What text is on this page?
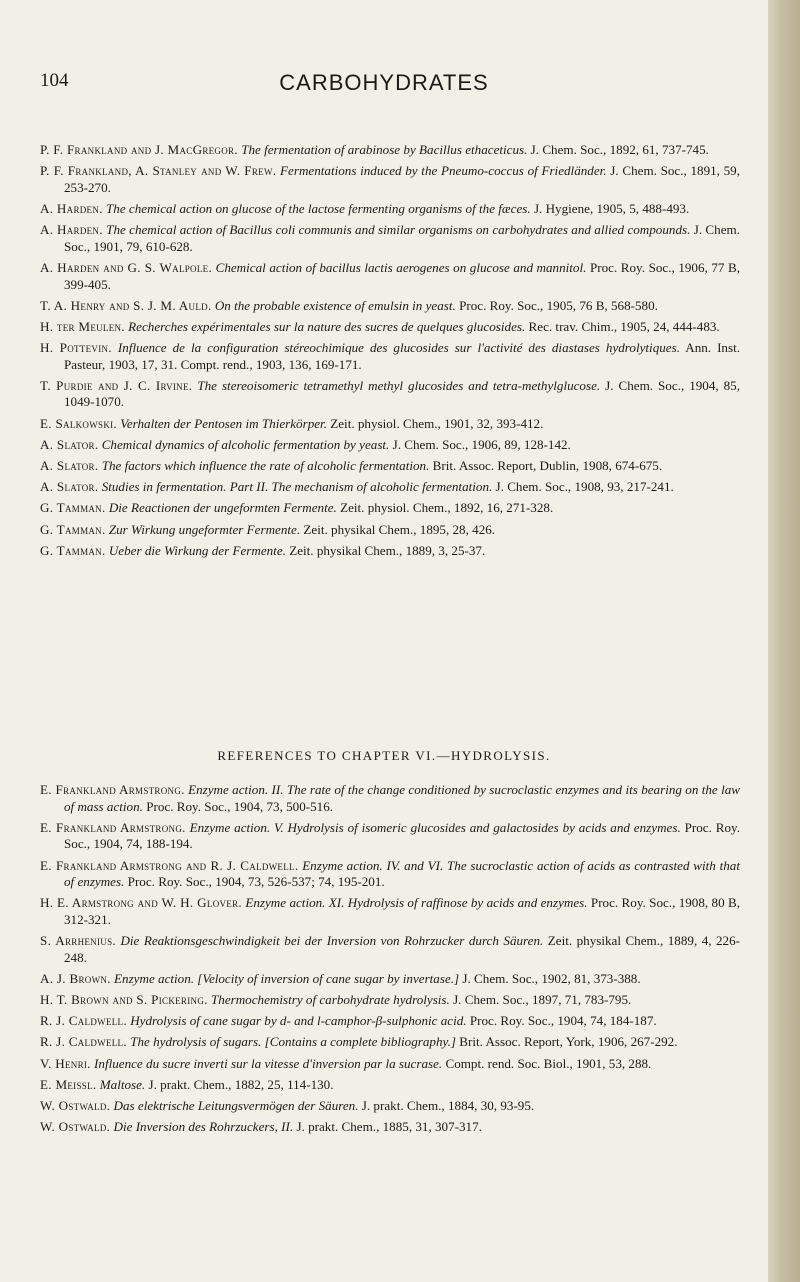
104	CARBOHYDRATES

P. F. Frankland and J. MacGregor. The fermentation of arabinose by Bacillus ethaceticus. J. Chem. Soc., 1892, 61, 737-745.

P. F. Frankland, A. Stanley and W. Frew. Fermentations induced by the Pneumo-coccus of Friedländer. J. Chem. Soc., 1891, 59, 253-270.

A. Harden. The chemical action on glucose of the lactose fermenting organisms of the fæces. J. Hygiene, 1905, 5, 488-493.

A. Harden. The chemical action of Bacillus coli communis and similar organisms on carbohydrates and allied compounds. J. Chem. Soc., 1901, 79, 610-628.

A. Harden and G. S. Walpole. Chemical action of bacillus lactis aerogenes on glucose and mannitol. Proc. Roy. Soc., 1906, 77 B, 399-405.

T. A. Henry and S. J. M. Auld. On the probable existence of emulsin in yeast. Proc. Roy. Soc., 1905, 76 B, 568-580.

H. ter Meulen. Recherches expérimentales sur la nature des sucres de quelques glucosides. Rec. trav. Chim., 1905, 24, 444-483.

H. Pottevin. Influence de la configuration stéreochimique des glucosides sur l'activité des diastases hydrolytiques. Ann. Inst. Pasteur, 1903, 17, 31. Compt. rend., 1903, 136, 169-171.

T. Purdie and J. C. Irvine. The stereoisomeric tetramethyl methyl glucosides and tetra-methylglucose. J. Chem. Soc., 1904, 85, 1049-1070.

E. Salkowski. Verhalten der Pentosen im Thierkörper. Zeit. physiol. Chem., 1901, 32, 393-412.

A. Slator. Chemical dynamics of alcoholic fermentation by yeast. J. Chem. Soc., 1906, 89, 128-142.

A. Slator. The factors which influence the rate of alcoholic fermentation. Brit. Assoc. Report, Dublin, 1908, 674-675.

A. Slator. Studies in fermentation. Part II. The mechanism of alcoholic fermentation. J. Chem. Soc., 1908, 93, 217-241.

G. Tamman. Die Reactionen der ungeformten Fermente. Zeit. physiol. Chem., 1892, 16, 271-328.

G. Tamman. Zur Wirkung ungeformter Fermente. Zeit. physikal Chem., 1895, 28, 426.

G. Tamman. Ueber die Wirkung der Fermente. Zeit. physikal Chem., 1889, 3, 25-37.

REFERENCES TO CHAPTER VI.—HYDROLYSIS.

E. Frankland Armstrong. Enzyme action. II. The rate of the change conditioned by sucroclastic enzymes and its bearing on the law of mass action. Proc. Roy. Soc., 1904, 73, 500-516.

E. Frankland Armstrong. Enzyme action. V. Hydrolysis of isomeric glucosides and galactosides by acids and enzymes. Proc. Roy. Soc., 1904, 74, 188-194.

E. Frankland Armstrong and R. J. Caldwell. Enzyme action. IV. and VI. The sucroclastic action of acids as contrasted with that of enzymes. Proc. Roy. Soc., 1904, 73, 526-537; 74, 195-201.

H. E. Armstrong and W. H. Glover. Enzyme action. XI. Hydrolysis of raffinose by acids and enzymes. Proc. Roy. Soc., 1908, 80 B, 312-321.

S. Arrhenius. Die Reaktionsgeschwindigkeit bei der Inversion von Rohrzucker durch Säuren. Zeit. physikal Chem., 1889, 4, 226-248.

A. J. Brown. Enzyme action. [Velocity of inversion of cane sugar by invertase.] J. Chem. Soc., 1902, 81, 373-388.

H. T. Brown and S. Pickering. Thermochemistry of carbohydrate hydrolysis. J. Chem. Soc., 1897, 71, 783-795.

R. J. Caldwell. Hydrolysis of cane sugar by d- and l-camphor-β-sulphonic acid. Proc. Roy. Soc., 1904, 74, 184-187.

R. J. Caldwell. The hydrolysis of sugars. [Contains a complete bibliography.] Brit. Assoc. Report, York, 1906, 267-292.

V. Henri. Influence du sucre inverti sur la vitesse d'inversion par la sucrase. Compt. rend. Soc. Biol., 1901, 53, 288.

E. Meissl. Maltose. J. prakt. Chem., 1882, 25, 114-130.

W. Ostwald. Das elektrische Leitungsvermögen der Säuren. J. prakt. Chem., 1884, 30, 93-95.

W. Ostwald. Die Inversion des Rohrzuckers, II. J. prakt. Chem., 1885, 31, 307-317.
